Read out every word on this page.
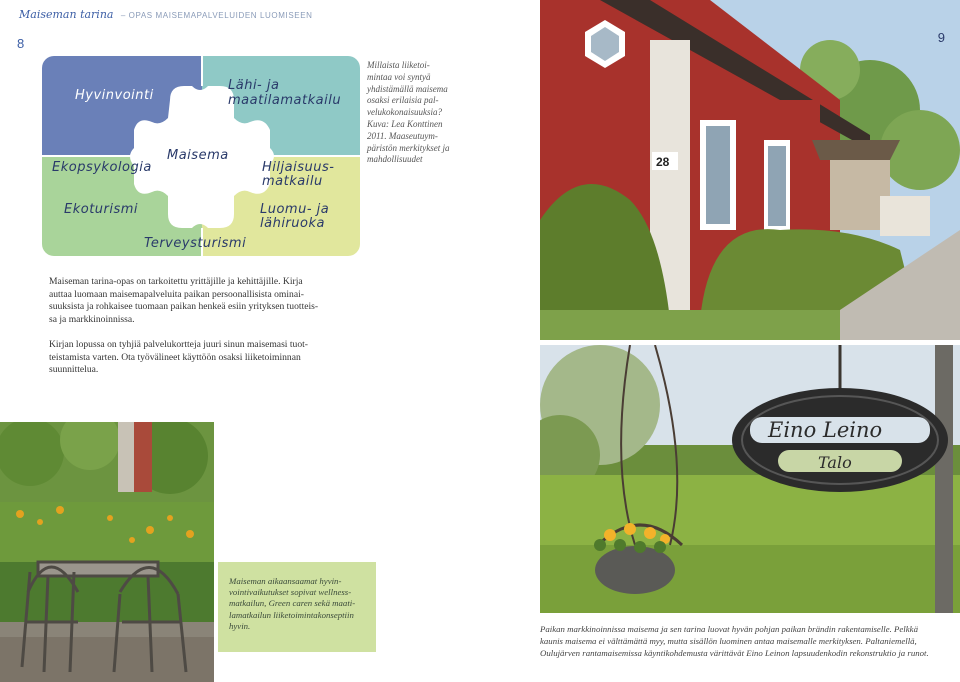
Maiseman tarina – OPAS MAISEMAPALVELUIDEN LUOMISEEN
8
Hyvinvointi
Lähi- ja
maatilamatkailu
Ekopsykologia
Maisema
Hiljaisuus-
matkailu
Ekoturismi	Luomu- ja
lähiruoka
Terveysturismi
Millaista liiketoi-
mintaa voi syntyä
yhdistämällä maisema
osaksi erilaisia pal-
velukokonaisuuksia?
Kuva: Lea Konttinen
2011. Maaseutuym-
päristön merkitykset ja
mahdollisuudet
Maiseman tarina-opas on tarkoitettu yrittäjille ja kehittäjille. Kirja
auttaa luomaan maisemapalveluita paikan persoonallisista ominai-
suuksista ja rohkaisee tuomaan paikan henkeä esiin yrityksen tuotteis-
sa ja markkinoinnissa.
Kirjan lopussa on tyhjiä palvelukortteja juuri sinun maisemasi tuot-
teistamista varten. Ota työvälineet käyttöön osaksi liiketoiminnan
suunnittelua.
Maiseman aikaansaamat hyvin-
vointivaikutukset sopivat wellness-
matkailun, Green caren sekä maati-
lamatkailun liiketoimintakonseptiin
hyvin.
28
9
Eino Leino
Talo
Paikan markkinoinnissa maisema ja sen tarina luovat hyvän pohjan paikan brändin rakentamiselle. Pelkkä
kaunis maisema ei välttämättä myy, mutta sisällön luominen antaa maisemalle merkityksen. Paltaniemellä,
Oulujärven rantamaisemissa käyntikohdemusta värittävät Eino Leinon lapsuudenkodin rekonstruktio ja runot.
